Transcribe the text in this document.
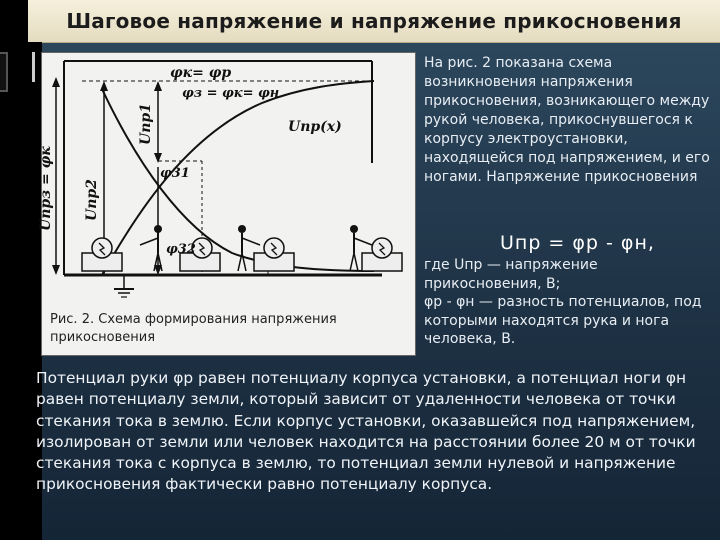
Шаговое напряжение и напряжение прикосновения
φк= φр
φз = φк= φн
Uпр(x)
φ31
φ32
Uпр1
Uпр2
Uпрз = φк
Рис. 2. Схема формирования напряжения прикосновения
На рис. 2 показана схема возникновения напряжения прикосновения, возникающего между рукой человека, прикоснувшегося к корпусу электроустановки, находящейся под напряжением, и его ногами. Напряжение прикосновения
Uпр = φр - φн,
где Uпр — напряжение прикосновения, В;
φр - φн — разность потенциалов, под которыми находятся рука и нога человека, В.
Потенциал руки φр равен потенциалу корпуса установки, а потенциал ноги φн равен потенциалу земли, который зависит от удаленности человека от точки стекания тока в землю. Если корпус установки, оказавшейся под напряжением, изолирован от земли или человек находится на расстоянии более 20 м от точки стекания тока с корпуса в землю, то потенциал земли нулевой и напряжение прикосновения фактически равно потенциалу корпуса.
